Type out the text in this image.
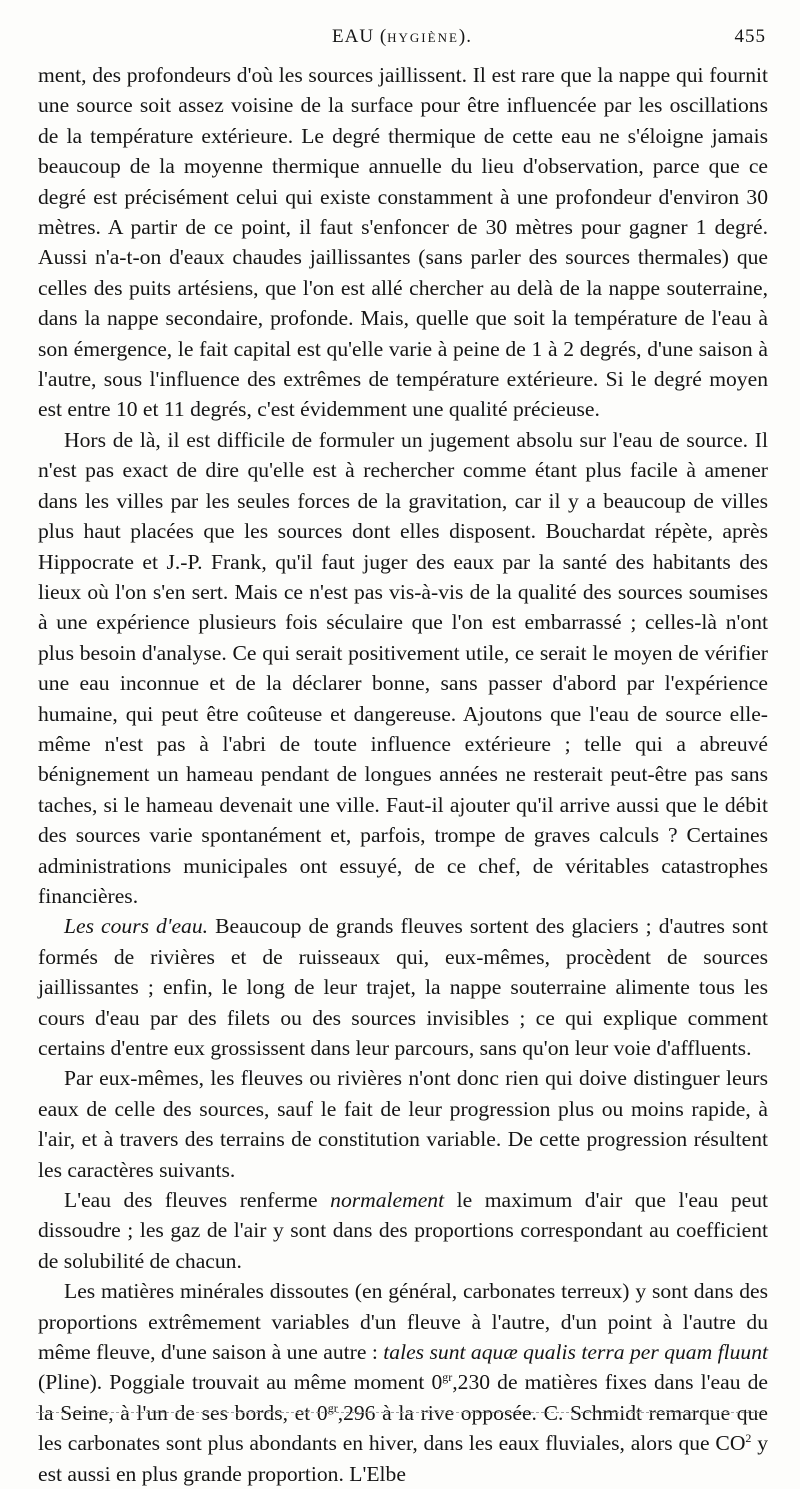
EAU (HYGIÈNE).	455

ment, des profondeurs d'où les sources jaillissent. Il est rare que la nappe qui fournit une source soit assez voisine de la surface pour être influencée par les oscillations de la température extérieure. Le degré thermique de cette eau ne s'éloigne jamais beaucoup de la moyenne thermique annuelle du lieu d'observation, parce que ce degré est précisément celui qui existe constamment à une profondeur d'environ 30 mètres. A partir de ce point, il faut s'enfoncer de 30 mètres pour gagner 1 degré. Aussi n'a-t-on d'eaux chaudes jaillissantes (sans parler des sources thermales) que celles des puits artésiens, que l'on est allé chercher au delà de la nappe souterraine, dans la nappe secondaire, profonde. Mais, quelle que soit la température de l'eau à son émergence, le fait capital est qu'elle varie à peine de 1 à 2 degrés, d'une saison à l'autre, sous l'influence des extrêmes de température extérieure. Si le degré moyen est entre 10 et 11 degrés, c'est évidemment une qualité précieuse.

Hors de là, il est difficile de formuler un jugement absolu sur l'eau de source. Il n'est pas exact de dire qu'elle est à rechercher comme étant plus facile à amener dans les villes par les seules forces de la gravitation, car il y a beaucoup de villes plus haut placées que les sources dont elles disposent. Bouchardat répète, après Hippocrate et J.-P. Frank, qu'il faut juger des eaux par la santé des habitants des lieux où l'on s'en sert. Mais ce n'est pas vis-à-vis de la qualité des sources soumises à une expérience plusieurs fois séculaire que l'on est embarrassé ; celles-là n'ont plus besoin d'analyse. Ce qui serait positivement utile, ce serait le moyen de vérifier une eau inconnue et de la déclarer bonne, sans passer d'abord par l'expérience humaine, qui peut être coûteuse et dangereuse. Ajoutons que l'eau de source elle-même n'est pas à l'abri de toute influence extérieure ; telle qui a abreuvé bénignement un hameau pendant de longues années ne resterait peut-être pas sans taches, si le hameau devenait une ville. Faut-il ajouter qu'il arrive aussi que le débit des sources varie spontanément et, parfois, trompe de graves calculs ? Certaines administrations municipales ont essuyé, de ce chef, de véritables catastrophes financières.

Les cours d'eau. Beaucoup de grands fleuves sortent des glaciers ; d'autres sont formés de rivières et de ruisseaux qui, eux-mêmes, procèdent de sources jaillissantes ; enfin, le long de leur trajet, la nappe souterraine alimente tous les cours d'eau par des filets ou des sources invisibles ; ce qui explique comment certains d'entre eux grossissent dans leur parcours, sans qu'on leur voie d'affluents.

Par eux-mêmes, les fleuves ou rivières n'ont donc rien qui doive distinguer leurs eaux de celle des sources, sauf le fait de leur progression plus ou moins rapide, à l'air, et à travers des terrains de constitution variable. De cette progression résultent les caractères suivants.

L'eau des fleuves renferme normalement le maximum d'air que l'eau peut dissoudre ; les gaz de l'air y sont dans des proportions correspondant au coefficient de solubilité de chacun.

Les matières minérales dissoutes (en général, carbonates terreux) y sont dans des proportions extrêmement variables d'un fleuve à l'autre, d'un point à l'autre du même fleuve, d'une saison à une autre : tales sunt aquæ qualis terra per quam fluunt (Pline). Poggiale trouvait au même moment $0^{gr},230$ de matières fixes dans l'eau de la Seine, à l'un de ses bords, et $0^{gr},296$ à la rive opposée. C. Schmidt remarque que les carbonates sont plus abondants en hiver, dans les eaux fluviales, alors que $CO^2$ y est aussi en plus grande proportion. L'Elbe
